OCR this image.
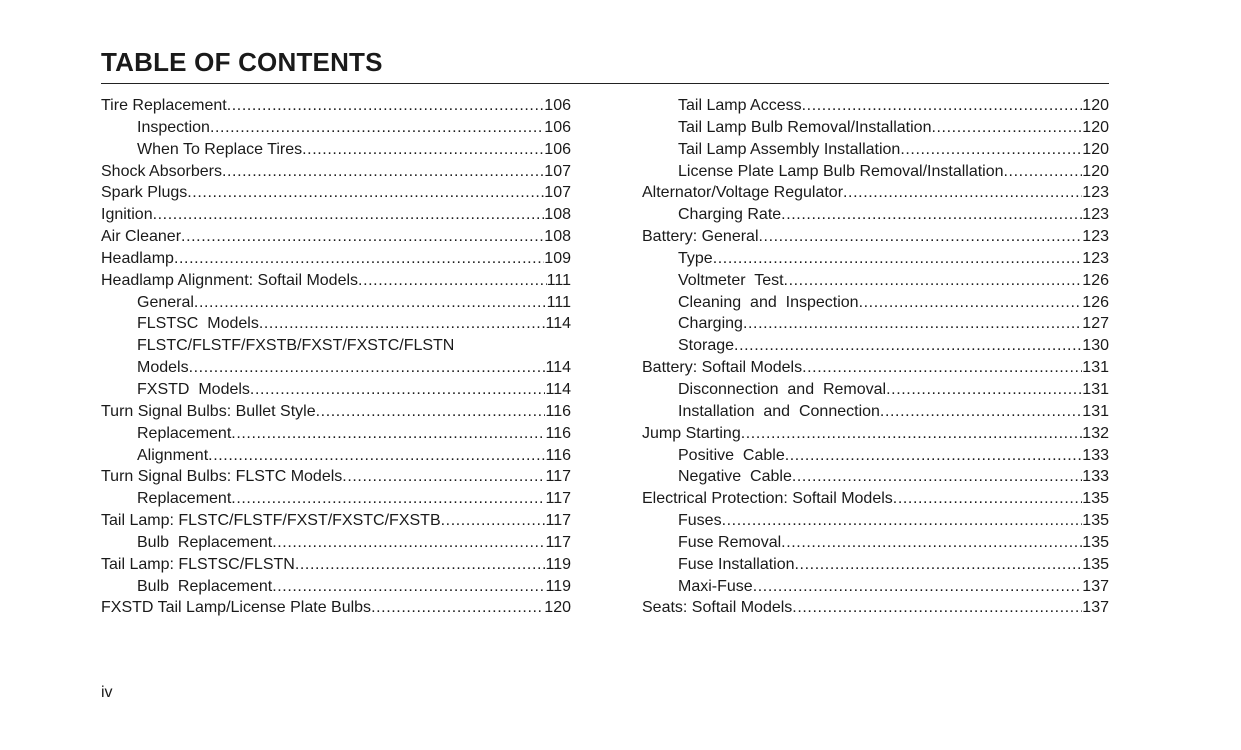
TABLE OF CONTENTS
Tire Replacement .....	106
Inspection .....	106
When To Replace Tires .....	106
Shock Absorbers .....	107
Spark Plugs .....	107
Ignition .....	108
Air Cleaner .....	108
Headlamp .....	109
Headlamp Alignment: Softail Models .....	111
General .....	111
FLSTSC  Models .....	114
FLSTC/FLSTF/FXSTB/FXST/FXSTC/FLSTN
Models .....	114
FXSTD  Models .....	114
Turn Signal Bulbs: Bullet Style .....	116
Replacement .....	116
Alignment .....	116
Turn Signal Bulbs: FLSTC Models .....	117
Replacement .....	117
Tail Lamp: FLSTC/FLSTF/FXST/FXSTC/FXSTB .....	117
Bulb  Replacement .....	117
Tail Lamp: FLSTSC/FLSTN .....	119
Bulb  Replacement .....	119
FXSTD Tail Lamp/License Plate Bulbs .....	120
Tail Lamp Access .....	120
Tail Lamp Bulb Removal/Installation .....	120
Tail Lamp Assembly Installation .....	120
License Plate Lamp Bulb Removal/Installation .....	120
Alternator/Voltage Regulator .....	123
Charging Rate .....	123
Battery: General .....	123
Type .....	123
Voltmeter  Test .....	126
Cleaning  and  Inspection .....	126
Charging .....	127
Storage .....	130
Battery: Softail Models .....	131
Disconnection  and  Removal .....	131
Installation  and  Connection .....	131
Jump Starting .....	132
Positive  Cable .....	133
Negative  Cable .....	133
Electrical Protection: Softail Models .....	135
Fuses .....	135
Fuse Removal .....	135
Fuse Installation .....	135
Maxi-Fuse .....	137
Seats: Softail Models .....	137
iv
